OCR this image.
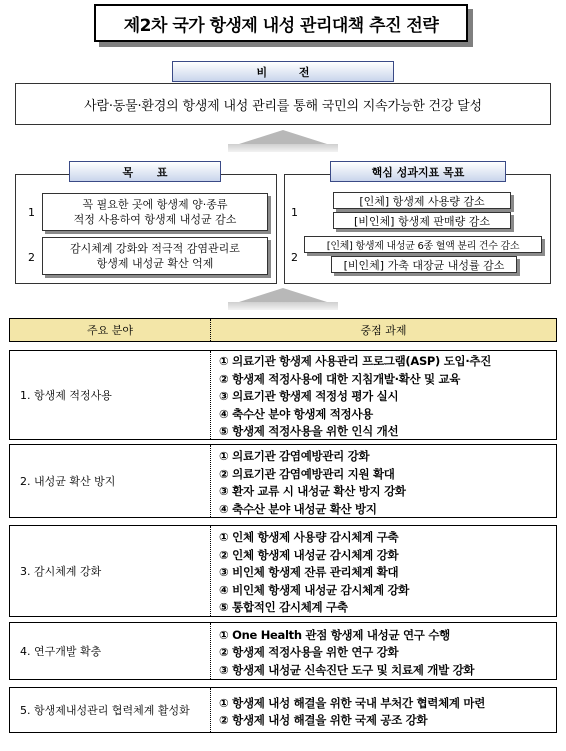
제2차 국가 항생제 내성 관리대책 추진 전략
비 전
사람·동물·환경의 항생제 내성 관리를 통해 국민의 지속가능한 건강 달성
목 표
1
꼭 필요한 곳에 항생제 양·종류
적정 사용하여 항생제 내성균 감소
2
감시체계 강화와 적극적 감염관리로
항생제 내성균 확산 억제
핵심 성과지표 목표
1
[인체] 항생제 사용량 감소
[비인체] 항생제 판매량 감소
2
[인체] 항생제 내성균 6종 혈액 분리 건수 감소
[비인체] 가축 대장균 내성률 감소
주요 분야	중점 과제
1. 항생제 적정사용
① 의료기관 항생제 사용관리 프로그램(ASP) 도입·추진
② 항생제 적정사용에 대한 지침개발·확산 및 교육
③ 의료기관 항생제 적정성 평가 실시
④ 축수산 분야 항생제 적정사용
⑤ 항생제 적정사용을 위한 인식 개선
2. 내성균 확산 방지
① 의료기관 감염예방관리 강화
② 의료기관 감염예방관리 지원 확대
③ 환자 교류 시 내성균 확산 방지 강화
④ 축수산 분야 내성균 확산 방지
3. 감시체계 강화
① 인체 항생제 사용량 감시체계 구축
② 인체 항생제 내성균 감시체계 강화
③ 비인체 항생제 잔류 관리체계 확대
④ 비인체 항생제 내성균 감시체계 강화
⑤ 통합적인 감시체계 구축
4. 연구개발 확충
① One Health 관점 항생제 내성균 연구 수행
② 항생제 적정사용을 위한 연구 강화
③ 항생제 내성균 신속진단 도구 및 치료제 개발 강화
5. 항생제내성관리 협력체계 활성화
① 항생제 내성 해결을 위한 국내 부처간 협력체계 마련
② 항생제 내성 해결을 위한 국제 공조 강화
